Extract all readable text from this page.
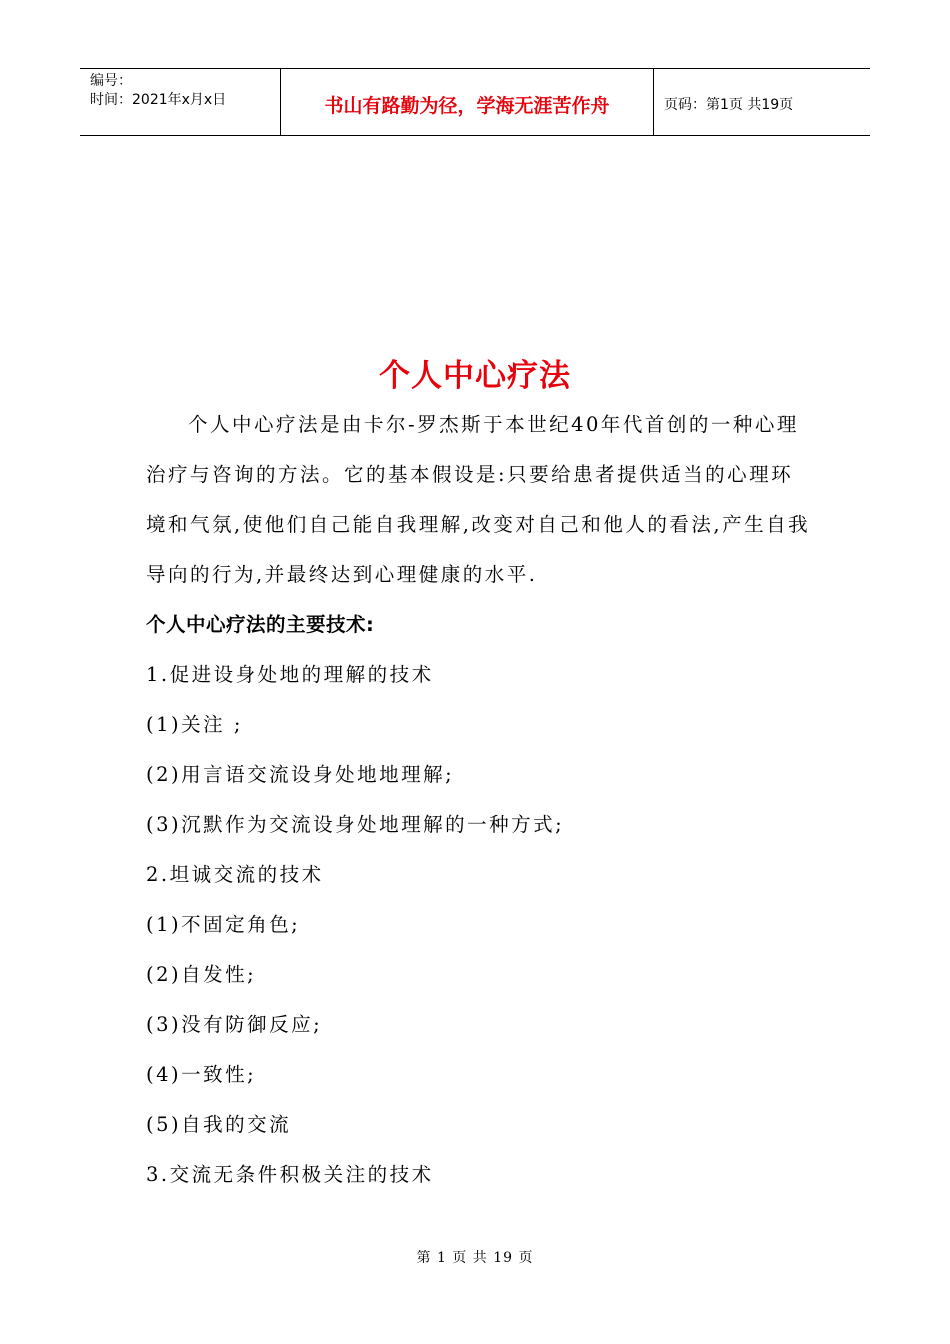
编号：
时间：2021年x月x日	书山有路勤为径，学海无涯苦作舟	页码：第1页 共19页
个人中心疗法

个人中心疗法是由卡尔-罗杰斯于本世纪40年代首创的一种心理治疗与咨询的方法。它的基本假设是:只要给患者提供适当的心理环境和气氛,使他们自己能自我理解,改变对自己和他人的看法,产生自我导向的行为,并最终达到心理健康的水平.

个人中心疗法的主要技术:

1.促进设身处地的理解的技术

(1)关注 ;

(2)用言语交流设身处地地理解;

(3)沉默作为交流设身处地理解的一种方式;

2.坦诚交流的技术

(1)不固定角色;

(2)自发性;

(3)没有防御反应;

(4)一致性;

(5)自我的交流

3.交流无条件积极关注的技术

第 1 页 共 19 页
